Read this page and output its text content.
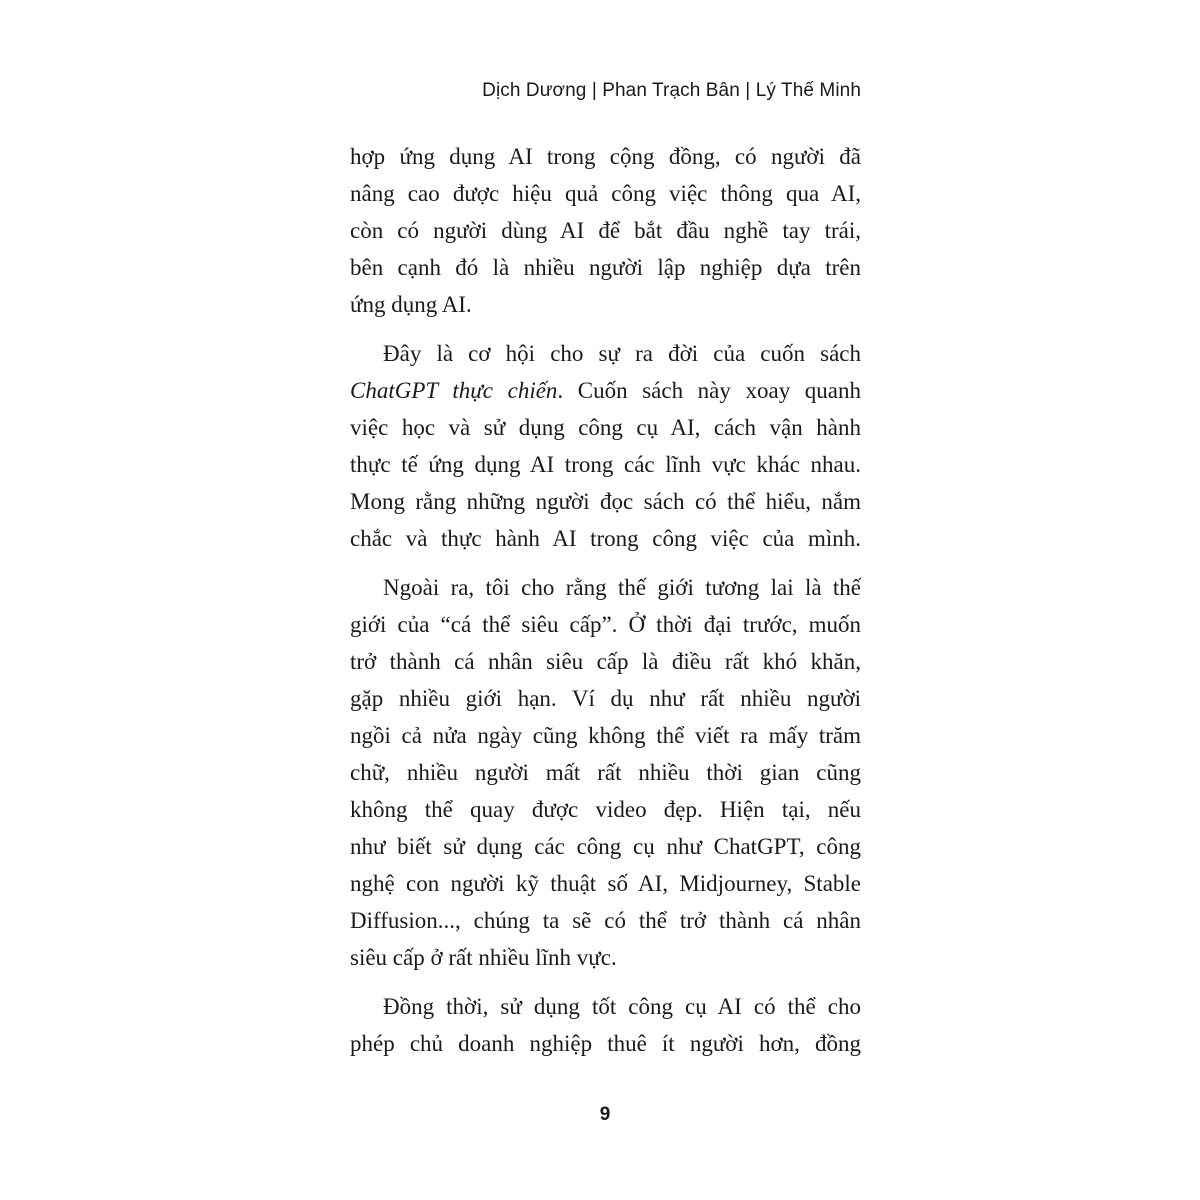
Dịch Dương | Phan Trạch Bân | Lý Thế Minh
hợp ứng dụng AI trong cộng đồng, có người đã
nâng cao được hiệu quả công việc thông qua AI,
còn có người dùng AI để bắt đầu nghề tay trái,
bên cạnh đó là nhiều người lập nghiệp dựa trên
ứng dụng AI.
Đây là cơ hội cho sự ra đời của cuốn sách
ChatGPT thực chiến. Cuốn sách này xoay quanh
việc học và sử dụng công cụ AI, cách vận hành
thực tế ứng dụng AI trong các lĩnh vực khác nhau.
Mong rằng những người đọc sách có thể hiểu, nắm
chắc và thực hành AI trong công việc của mình.
Ngoài ra, tôi cho rằng thế giới tương lai là thế
giới của “cá thể siêu cấp”. Ở thời đại trước, muốn
trở thành cá nhân siêu cấp là điều rất khó khăn,
gặp nhiều giới hạn. Ví dụ như rất nhiều người
ngồi cả nửa ngày cũng không thể viết ra mấy trăm
chữ, nhiều người mất rất nhiều thời gian cũng
không thể quay được video đẹp. Hiện tại, nếu
như biết sử dụng các công cụ như ChatGPT, công
nghệ con người kỹ thuật số AI, Midjourney, Stable
Diffusion..., chúng ta sẽ có thể trở thành cá nhân
siêu cấp ở rất nhiều lĩnh vực.
Đồng thời, sử dụng tốt công cụ AI có thể cho
phép chủ doanh nghiệp thuê ít người hơn, đồng
9
